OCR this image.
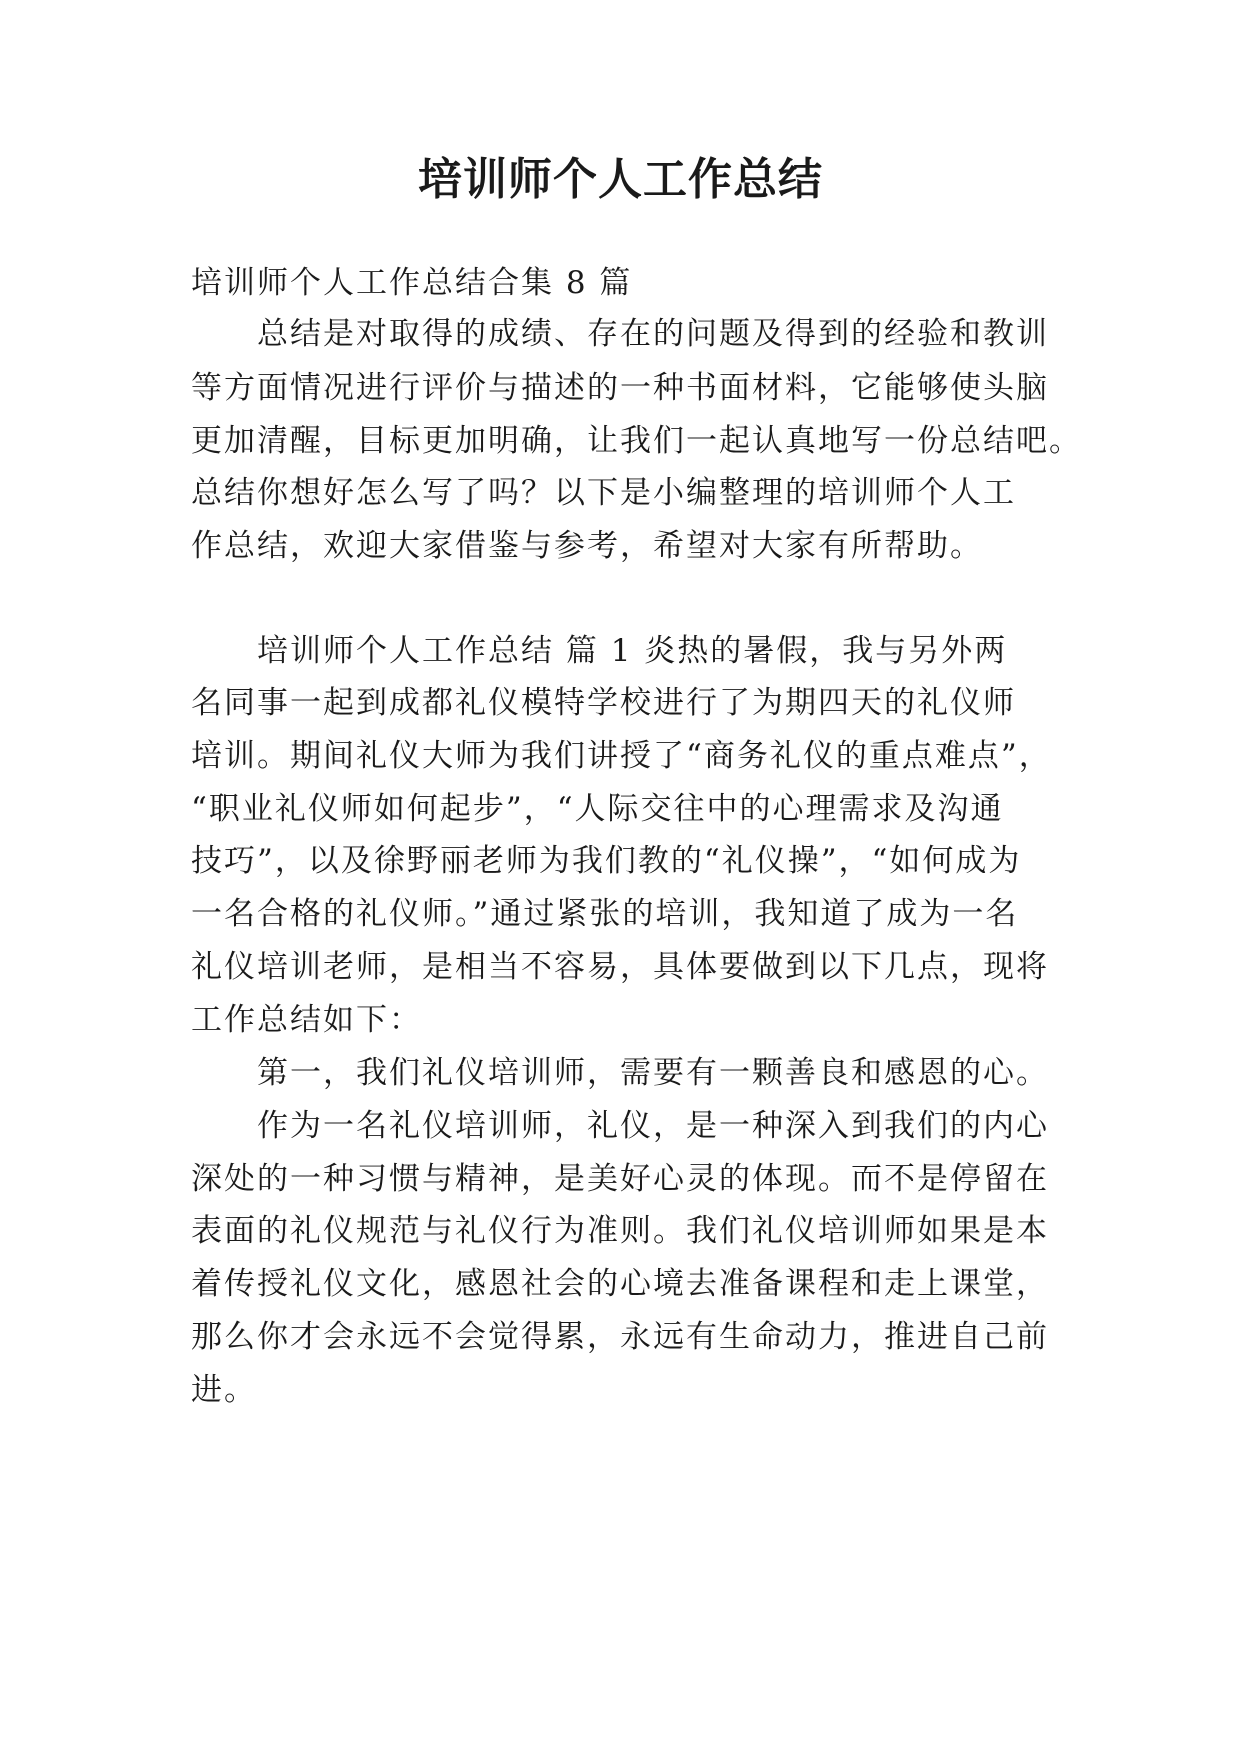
培训师个人工作总结
培训师个人工作总结合集 8 篇
总结是对取得的成绩、存在的问题及得到的经验和教训
等方面情况进行评价与描述的一种书面材料，它能够使头脑
更加清醒，目标更加明确，让我们一起认真地写一份总结吧。
总结你想好怎么写了吗？以下是小编整理的培训师个人工
作总结，欢迎大家借鉴与参考，希望对大家有所帮助。
培训师个人工作总结 篇 1 炎热的暑假，我与另外两
名同事一起到成都礼仪模特学校进行了为期四天的礼仪师
培训。期间礼仪大师为我们讲授了“商务礼仪的重点难点”，
“职业礼仪师如何起步”，“人际交往中的心理需求及沟通
技巧”，以及徐野丽老师为我们教的“礼仪操”，“如何成为
一名合格的礼仪师。”通过紧张的培训，我知道了成为一名
礼仪培训老师，是相当不容易，具体要做到以下几点，现将
工作总结如下：
第一，我们礼仪培训师，需要有一颗善良和感恩的心。
作为一名礼仪培训师，礼仪，是一种深入到我们的内心
深处的一种习惯与精神，是美好心灵的体现。而不是停留在
表面的礼仪规范与礼仪行为准则。我们礼仪培训师如果是本
着传授礼仪文化，感恩社会的心境去准备课程和走上课堂，
那么你才会永远不会觉得累，永远有生命动力，推进自己前
进。
